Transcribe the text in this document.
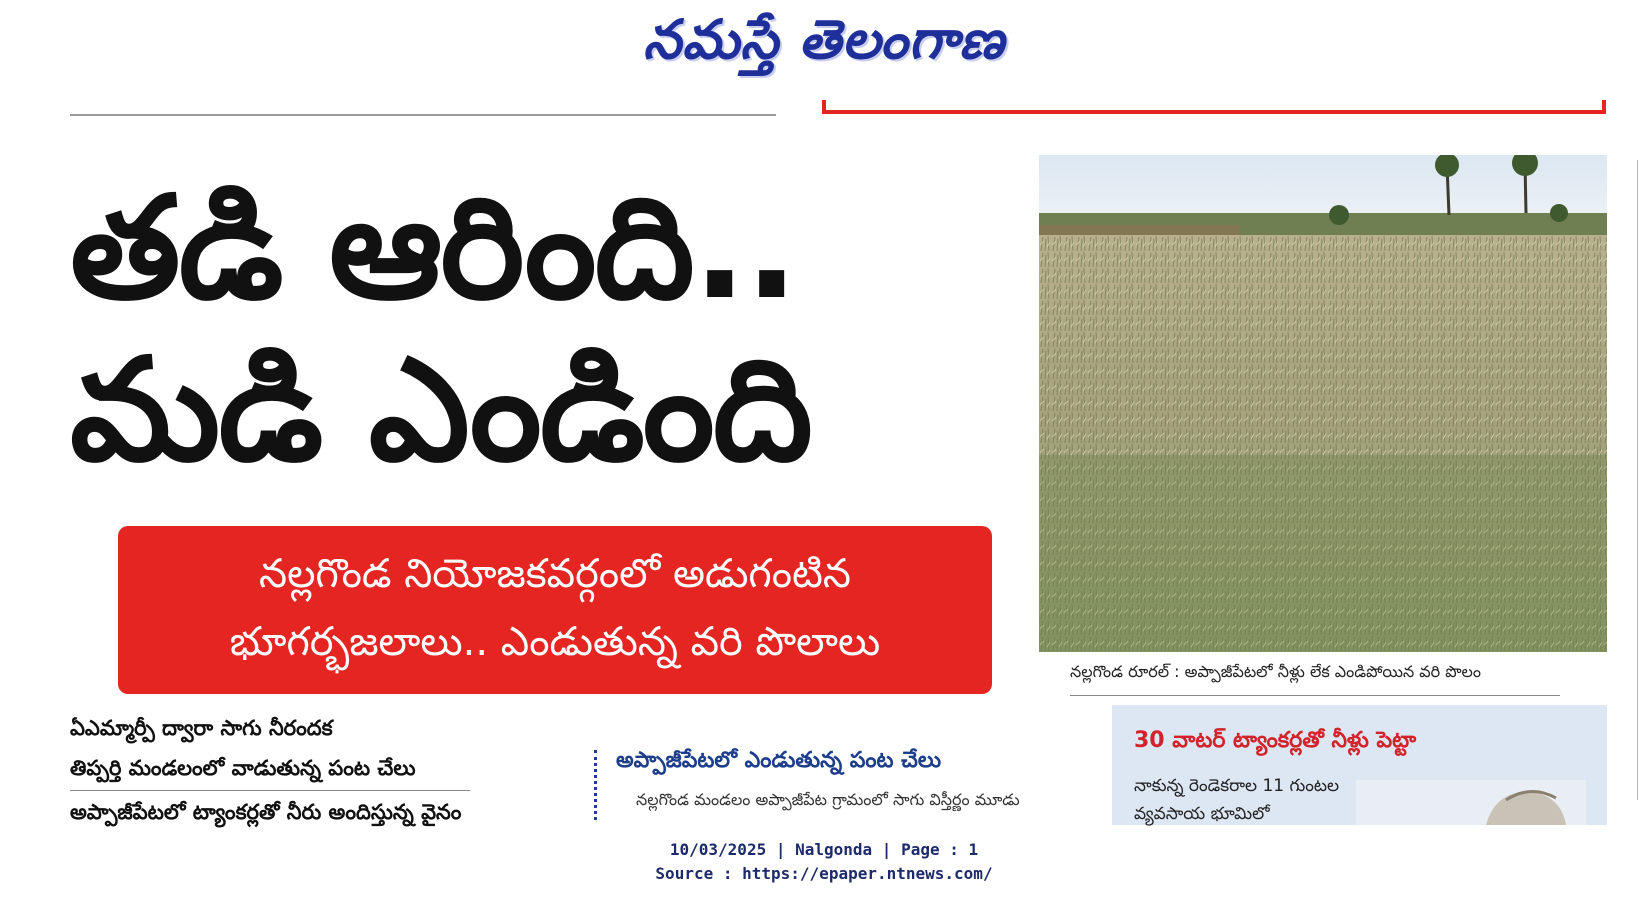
నమస్తే తెలంగాణ
తడి ఆరింది..
మడి ఎండింది
నల్లగొండ నియోజకవర్గంలో అడుగంటిన
భూగర్భజలాలు.. ఎండుతున్న వరి పొలాలు
నల్లగొండ రూరల్ : అప్పాజీపేటలో నీళ్లు లేక ఎండిపోయిన వరి పొలం
ఏఎమ్మార్పీ ద్వారా సాగు నీరందక
తిప్పర్తి మండలంలో వాడుతున్న పంట చేలు
అప్పాజీపేటలో ట్యాంకర్లతో నీరు అందిస్తున్న వైనం
అప్పాజీపేటలో ఎండుతున్న పంట చేలు
నల్లగొండ మండలం అప్పాజీపేట గ్రామంలో సాగు విస్తీర్ణం మూడు
30 వాటర్ ట్యాంకర్లతో నీళ్లు పెట్టా
నాకున్న రెండెకరాల 11 గుంటల వ్యవసాయ భూమిలో
10/03/2025 | Nalgonda | Page : 1
Source : https://epaper.ntnews.com/
